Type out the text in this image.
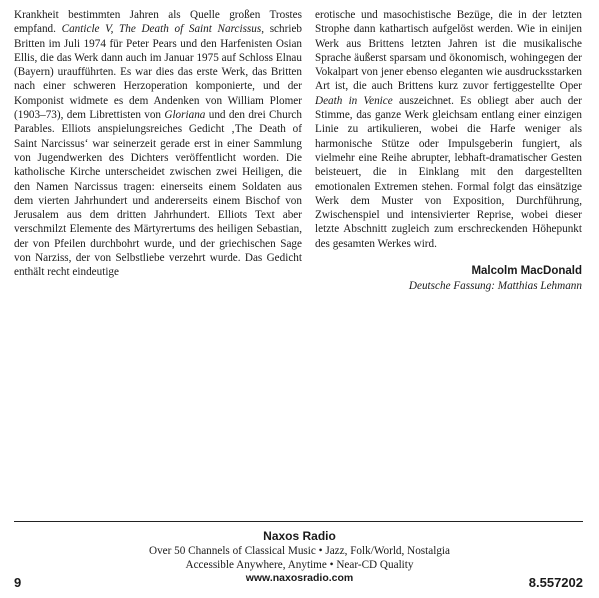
Krankheit bestimmten Jahren als Quelle großen Trostes empfand. Canticle V, The Death of Saint Narcissus, schrieb Britten im Juli 1974 für Peter Pears und den Harfenisten Osian Ellis, die das Werk dann auch im Januar 1975 auf Schloss Elnau (Bayern) uraufführten. Es war dies das erste Werk, das Britten nach einer schweren Herzoperation komponierte, und der Komponist widmete es dem Andenken von William Plomer (1903–73), dem Librettisten von Gloriana und den drei Church Parables. Elliots anspielungsreiches Gedicht ‚The Death of Saint Narcissus‘ war seinerzeit gerade erst in einer Sammlung von Jugendwerken des Dichters veröffentlicht worden. Die katholische Kirche unterscheidet zwischen zwei Heiligen, die den Namen Narcissus tragen: einerseits einem Soldaten aus dem vierten Jahrhundert und andererseits einem Bischof von Jerusalem aus dem dritten Jahrhundert. Elliots Text aber verschmilzt Elemente des Märtyrertums des heiligen Sebastian, der von Pfeilen durchbohrt wurde, und der griechischen Sage von Narziss, der von Selbstliebe verzehrt wurde. Das Gedicht enthält recht eindeutige

erotische und masochistische Bezüge, die in der letzten Strophe dann kathartisch aufgelöst werden. Wie in einijen Werk aus Brittens letzten Jahren ist die musikalische Sprache äußerst sparsam und ökonomisch, wohingegen der Vokalpart von jener ebenso eleganten wie ausdrucksstarken Art ist, die auch Brittens kurz zuvor fertiggestellte Oper Death in Venice auszeichnet. Es obliegt aber auch der Stimme, das ganze Werk gleichsam entlang einer einzigen Linie zu artikulieren, wobei die Harfe weniger als harmonische Stütze oder Impulsgeberin fungiert, als vielmehr eine Reihe abrupter, lebhaft-dramatischer Gesten beisteuert, die in Einklang mit den dargestellten emotionalen Extremen stehen. Formal folgt das einsätzige Werk dem Muster von Exposition, Durchführung, Zwischenspiel und intensivierter Reprise, wobei dieser letzte Abschnitt zugleich zum erschreckenden Höhepunkt des gesamten Werkes wird.

Malcolm MacDonald
Deutsche Fassung: Matthias Lehmann
Naxos Radio
Over 50 Channels of Classical Music • Jazz, Folk/World, Nostalgia
Accessible Anywhere, Anytime • Near-CD Quality
www.naxosradio.com
9	8.557202
